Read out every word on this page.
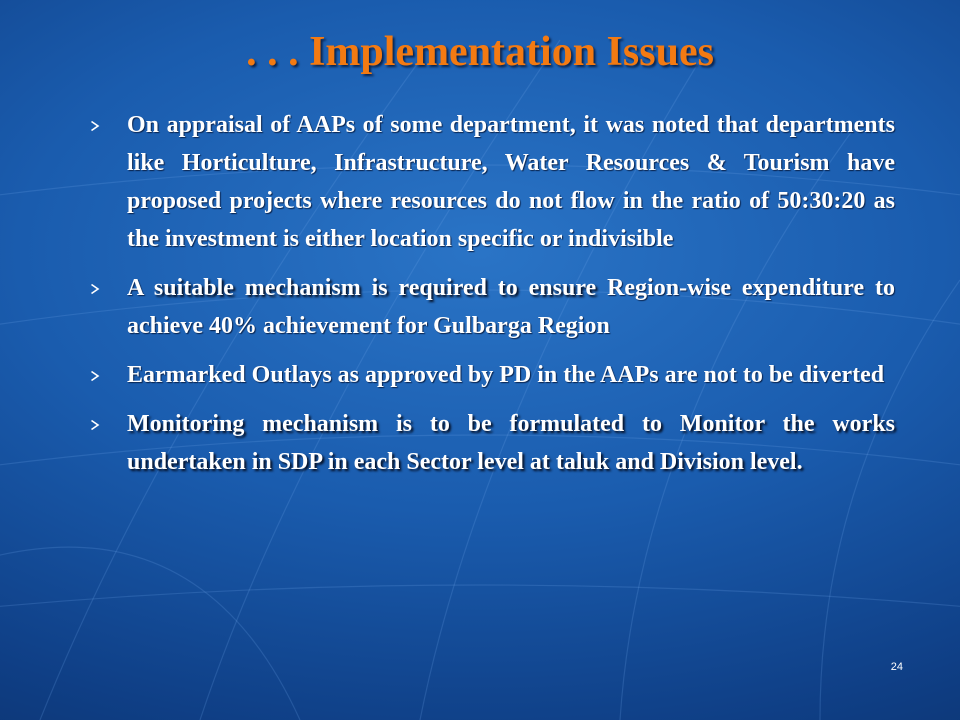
. . . Implementation Issues
On appraisal of AAPs of some department, it was noted that departments like Horticulture, Infrastructure, Water Resources & Tourism have proposed projects where resources do not flow in the ratio of 50:30:20 as the investment is either location specific or indivisible
A suitable mechanism is required to ensure Region-wise expenditure to achieve 40% achievement for Gulbarga Region
Earmarked Outlays as approved by PD in the AAPs are not to be diverted
Monitoring mechanism is to be formulated to Monitor the works undertaken in SDP in each Sector level at taluk and Division level.
24
